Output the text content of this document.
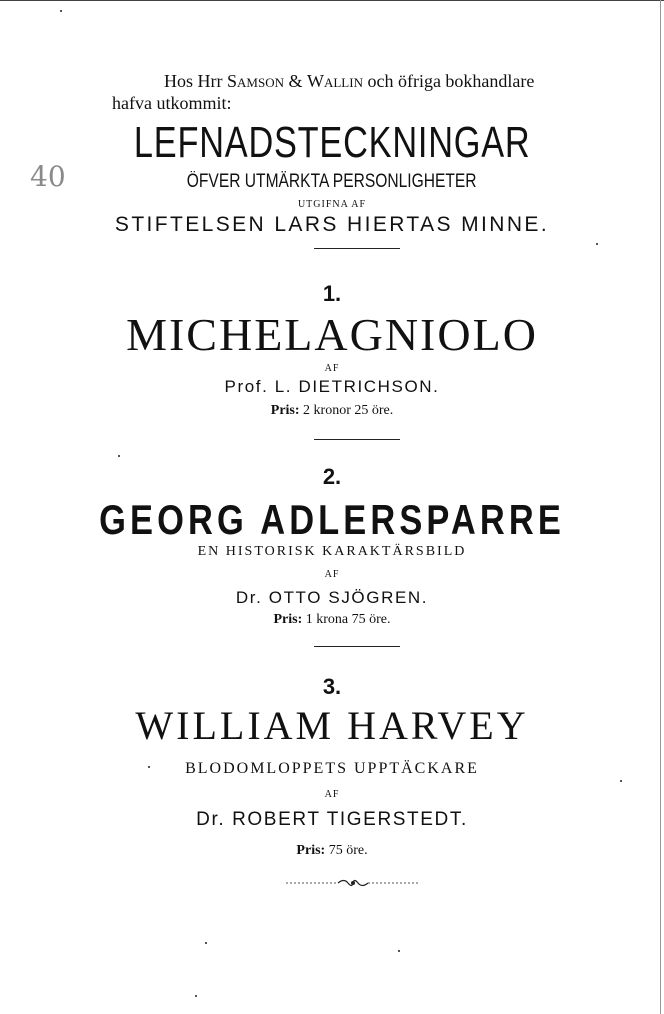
Hos Hrr Samson & Wallin och öfriga bokhandlare
hafva utkommit:
40
LEFNADSTECKNINGAR
ÖFVER UTMÄRKTA PERSONLIGHETER
UTGIFNA AF
STIFTELSEN LARS HIERTAS MINNE.
1.
MICHELAGNIOLO
AF
Prof. L. DIETRICHSON.
Pris: 2 kronor 25 öre.
2.
GEORG ADLERSPARRE
EN HISTORISK KARAKTÄRSBILD
AF
Dr. OTTO SJÖGREN.
Pris: 1 krona 75 öre.
3.
WILLIAM HARVEY
BLODOMLOPPETS UPPTÄCKARE
AF
Dr. ROBERT TIGERSTEDT.
Pris: 75 öre.
